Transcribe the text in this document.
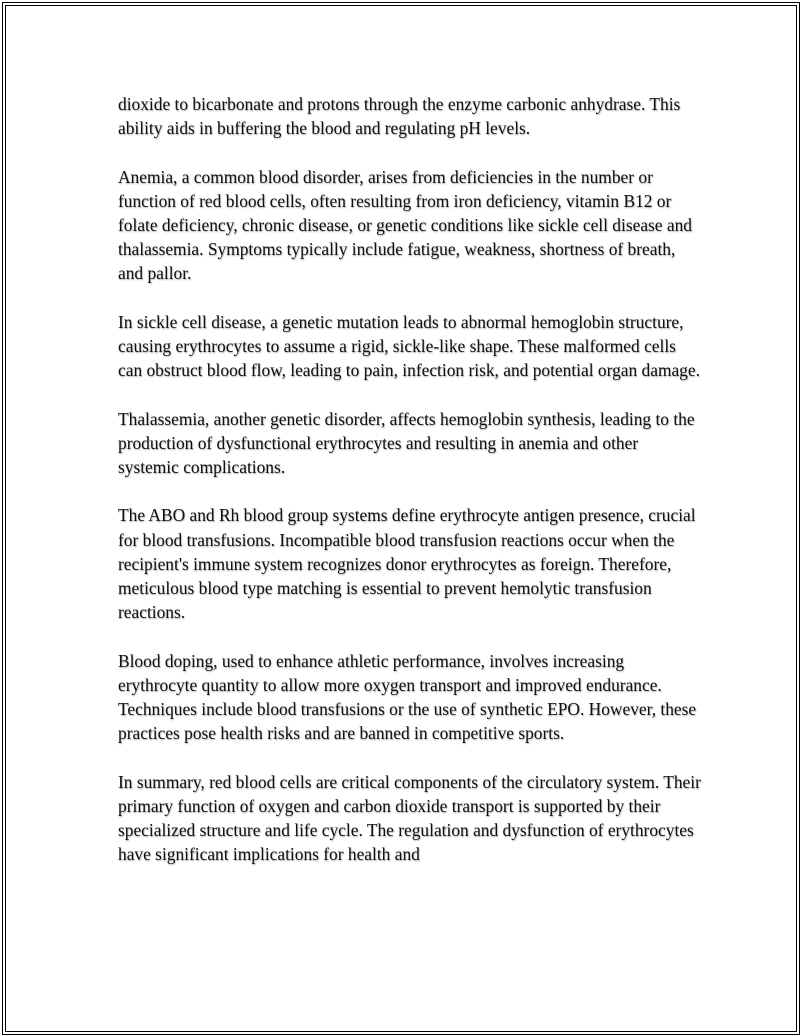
dioxide to bicarbonate and protons through the enzyme carbonic anhydrase. This ability aids in buffering the blood and regulating pH levels.

Anemia, a common blood disorder, arises from deficiencies in the number or function of red blood cells, often resulting from iron deficiency, vitamin B12 or folate deficiency, chronic disease, or genetic conditions like sickle cell disease and thalassemia. Symptoms typically include fatigue, weakness, shortness of breath, and pallor.

In sickle cell disease, a genetic mutation leads to abnormal hemoglobin structure, causing erythrocytes to assume a rigid, sickle-like shape. These malformed cells can obstruct blood flow, leading to pain, infection risk, and potential organ damage.

Thalassemia, another genetic disorder, affects hemoglobin synthesis, leading to the production of dysfunctional erythrocytes and resulting in anemia and other systemic complications.

The ABO and Rh blood group systems define erythrocyte antigen presence, crucial for blood transfusions. Incompatible blood transfusion reactions occur when the recipient's immune system recognizes donor erythrocytes as foreign. Therefore, meticulous blood type matching is essential to prevent hemolytic transfusion reactions.

Blood doping, used to enhance athletic performance, involves increasing erythrocyte quantity to allow more oxygen transport and improved endurance. Techniques include blood transfusions or the use of synthetic EPO. However, these practices pose health risks and are banned in competitive sports.

In summary, red blood cells are critical components of the circulatory system. Their primary function of oxygen and carbon dioxide transport is supported by their specialized structure and life cycle. The regulation and dysfunction of erythrocytes have significant implications for health and
